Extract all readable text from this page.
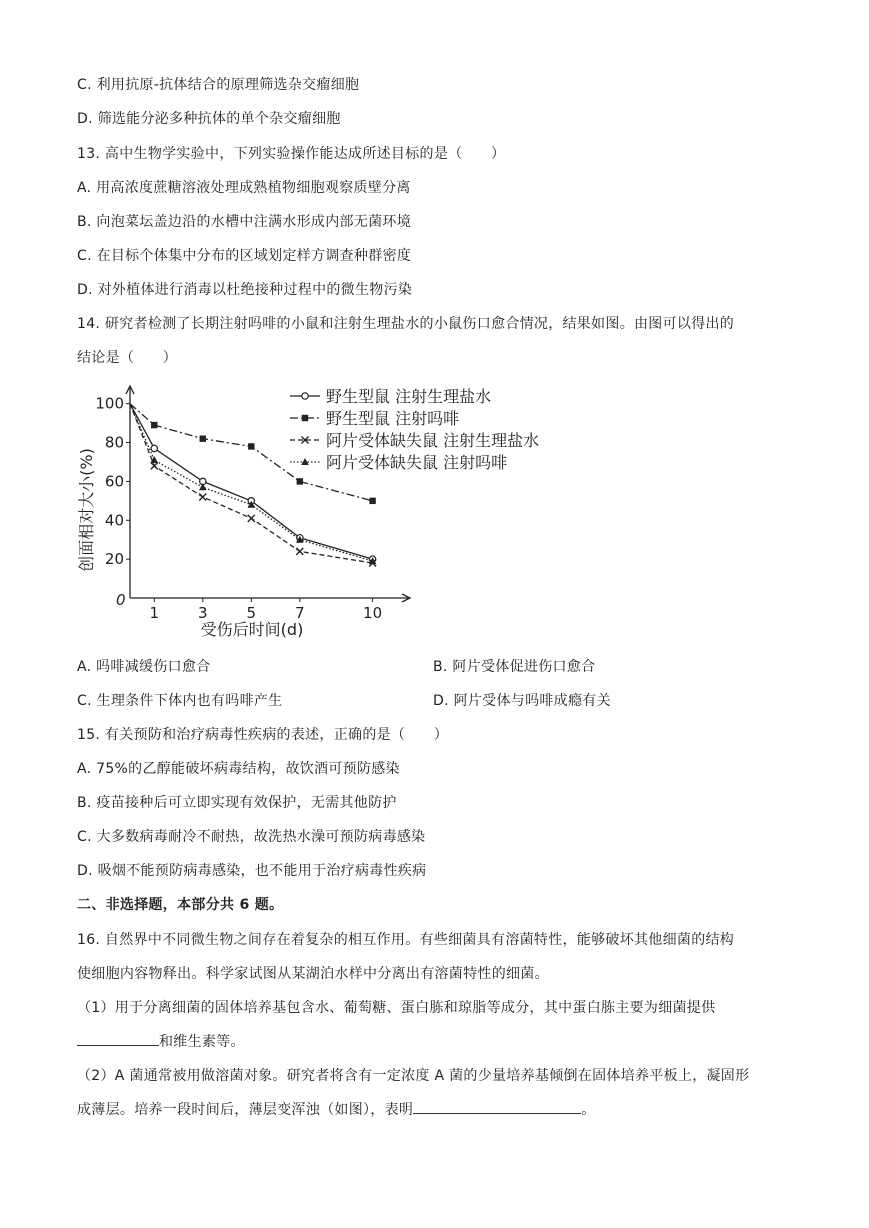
C. 利用抗原-抗体结合的原理筛选杂交瘤细胞
D. 筛选能分泌多种抗体的单个杂交瘤细胞
13. 高中生物学实验中，下列实验操作能达成所述目标的是（　　）
A. 用高浓度蔗糖溶液处理成熟植物细胞观察质壁分离
B. 向泡菜坛盖边沿的水槽中注满水形成内部无菌环境
C. 在目标个体集中分布的区域划定样方调查种群密度
D. 对外植体进行消毒以杜绝接种过程中的微生物污染
14. 研究者检测了长期注射吗啡的小鼠和注射生理盐水的小鼠伤口愈合情况，结果如图。由图可以得出的
结论是（　　）
0
1	3	5	7	10
20
40
60
80
100	野生型鼠 注射生理盐水
野生型鼠 注射吗啡
阿片受体缺失鼠 注射生理盐水
阿片受体缺失鼠 注射吗啡
受伤后时间(d)
创面相对大小(%)
A. 吗啡减缓伤口愈合	B. 阿片受体促进伤口愈合
C. 生理条件下体内也有吗啡产生	D. 阿片受体与吗啡成瘾有关
15. 有关预防和治疗病毒性疾病的表述，正确的是（　　）
A. 75%的乙醇能破坏病毒结构，故饮酒可预防感染
B. 疫苗接种后可立即实现有效保护，无需其他防护
C. 大多数病毒耐冷不耐热，故洗热水澡可预防病毒感染
D. 吸烟不能预防病毒感染，也不能用于治疗病毒性疾病
二、非选择题，本部分共 6 题。
16. 自然界中不同微生物之间存在着复杂的相互作用。有些细菌具有溶菌特性，能够破坏其他细菌的结构
使细胞内容物释出。科学家试图从某湖泊水样中分离出有溶菌特性的细菌。
（1）用于分离细菌的固体培养基包含水、葡萄糖、蛋白胨和琼脂等成分，其中蛋白胨主要为细菌提供
和维生素等。
（2）A 菌通常被用做溶菌对象。研究者将含有一定浓度 A 菌的少量培养基倾倒在固体培养平板上，凝固形
成薄层。培养一段时间后，薄层变浑浊（如图），表明	。
